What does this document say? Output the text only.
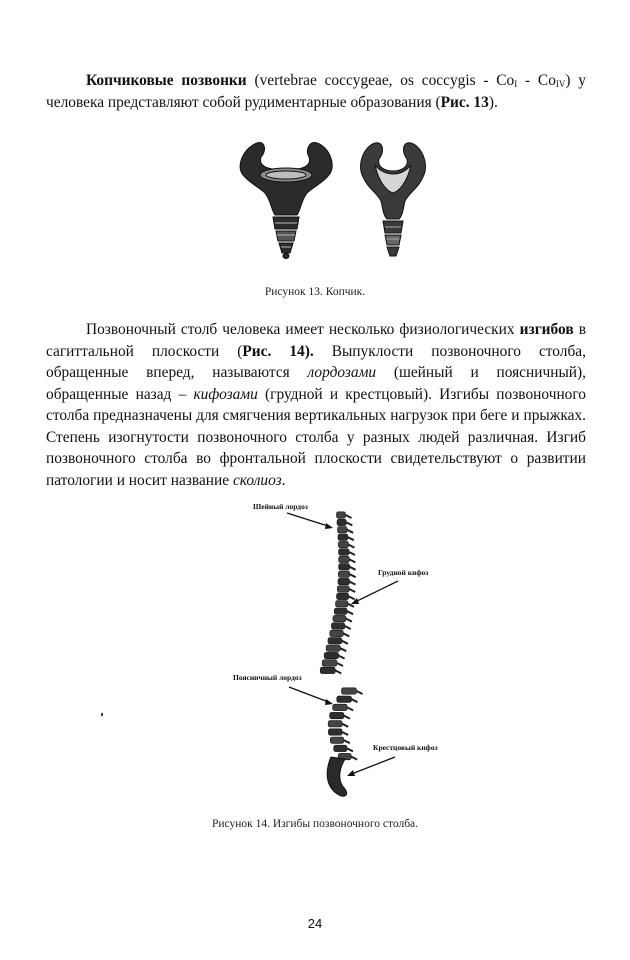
Копчиковые позвонки (vertebrae coccygeae, os coccygis - $Co_I - Co_{IV}$) у человека представляют собой рудиментарные образования (Рис. 13).

Рисунок 13. Копчик.

Позвоночный столб человека имеет несколько физиологических изгибов в сагиттальной плоскости (Рис. 14). Выпуклости позвоночного столба, обращенные вперед, называются лордозами (шейный и поясничный), обращенные назад – кифозами (грудной и крестцовый). Изгибы позвоночного столба предназначены для смягчения вертикальных нагрузок при беге и прыжках. Степень изогнутости позвоночного столба у разных людей различная. Изгиб позвоночного столба во фронтальной плоскости свидетельствуют о развитии патологии и носит название сколиоз.

Шейный лордоз
Грудной кифоз
Поясничный лордоз
Крестцовый кифоз
Рисунок 14. Изгибы позвоночного столба.
24
